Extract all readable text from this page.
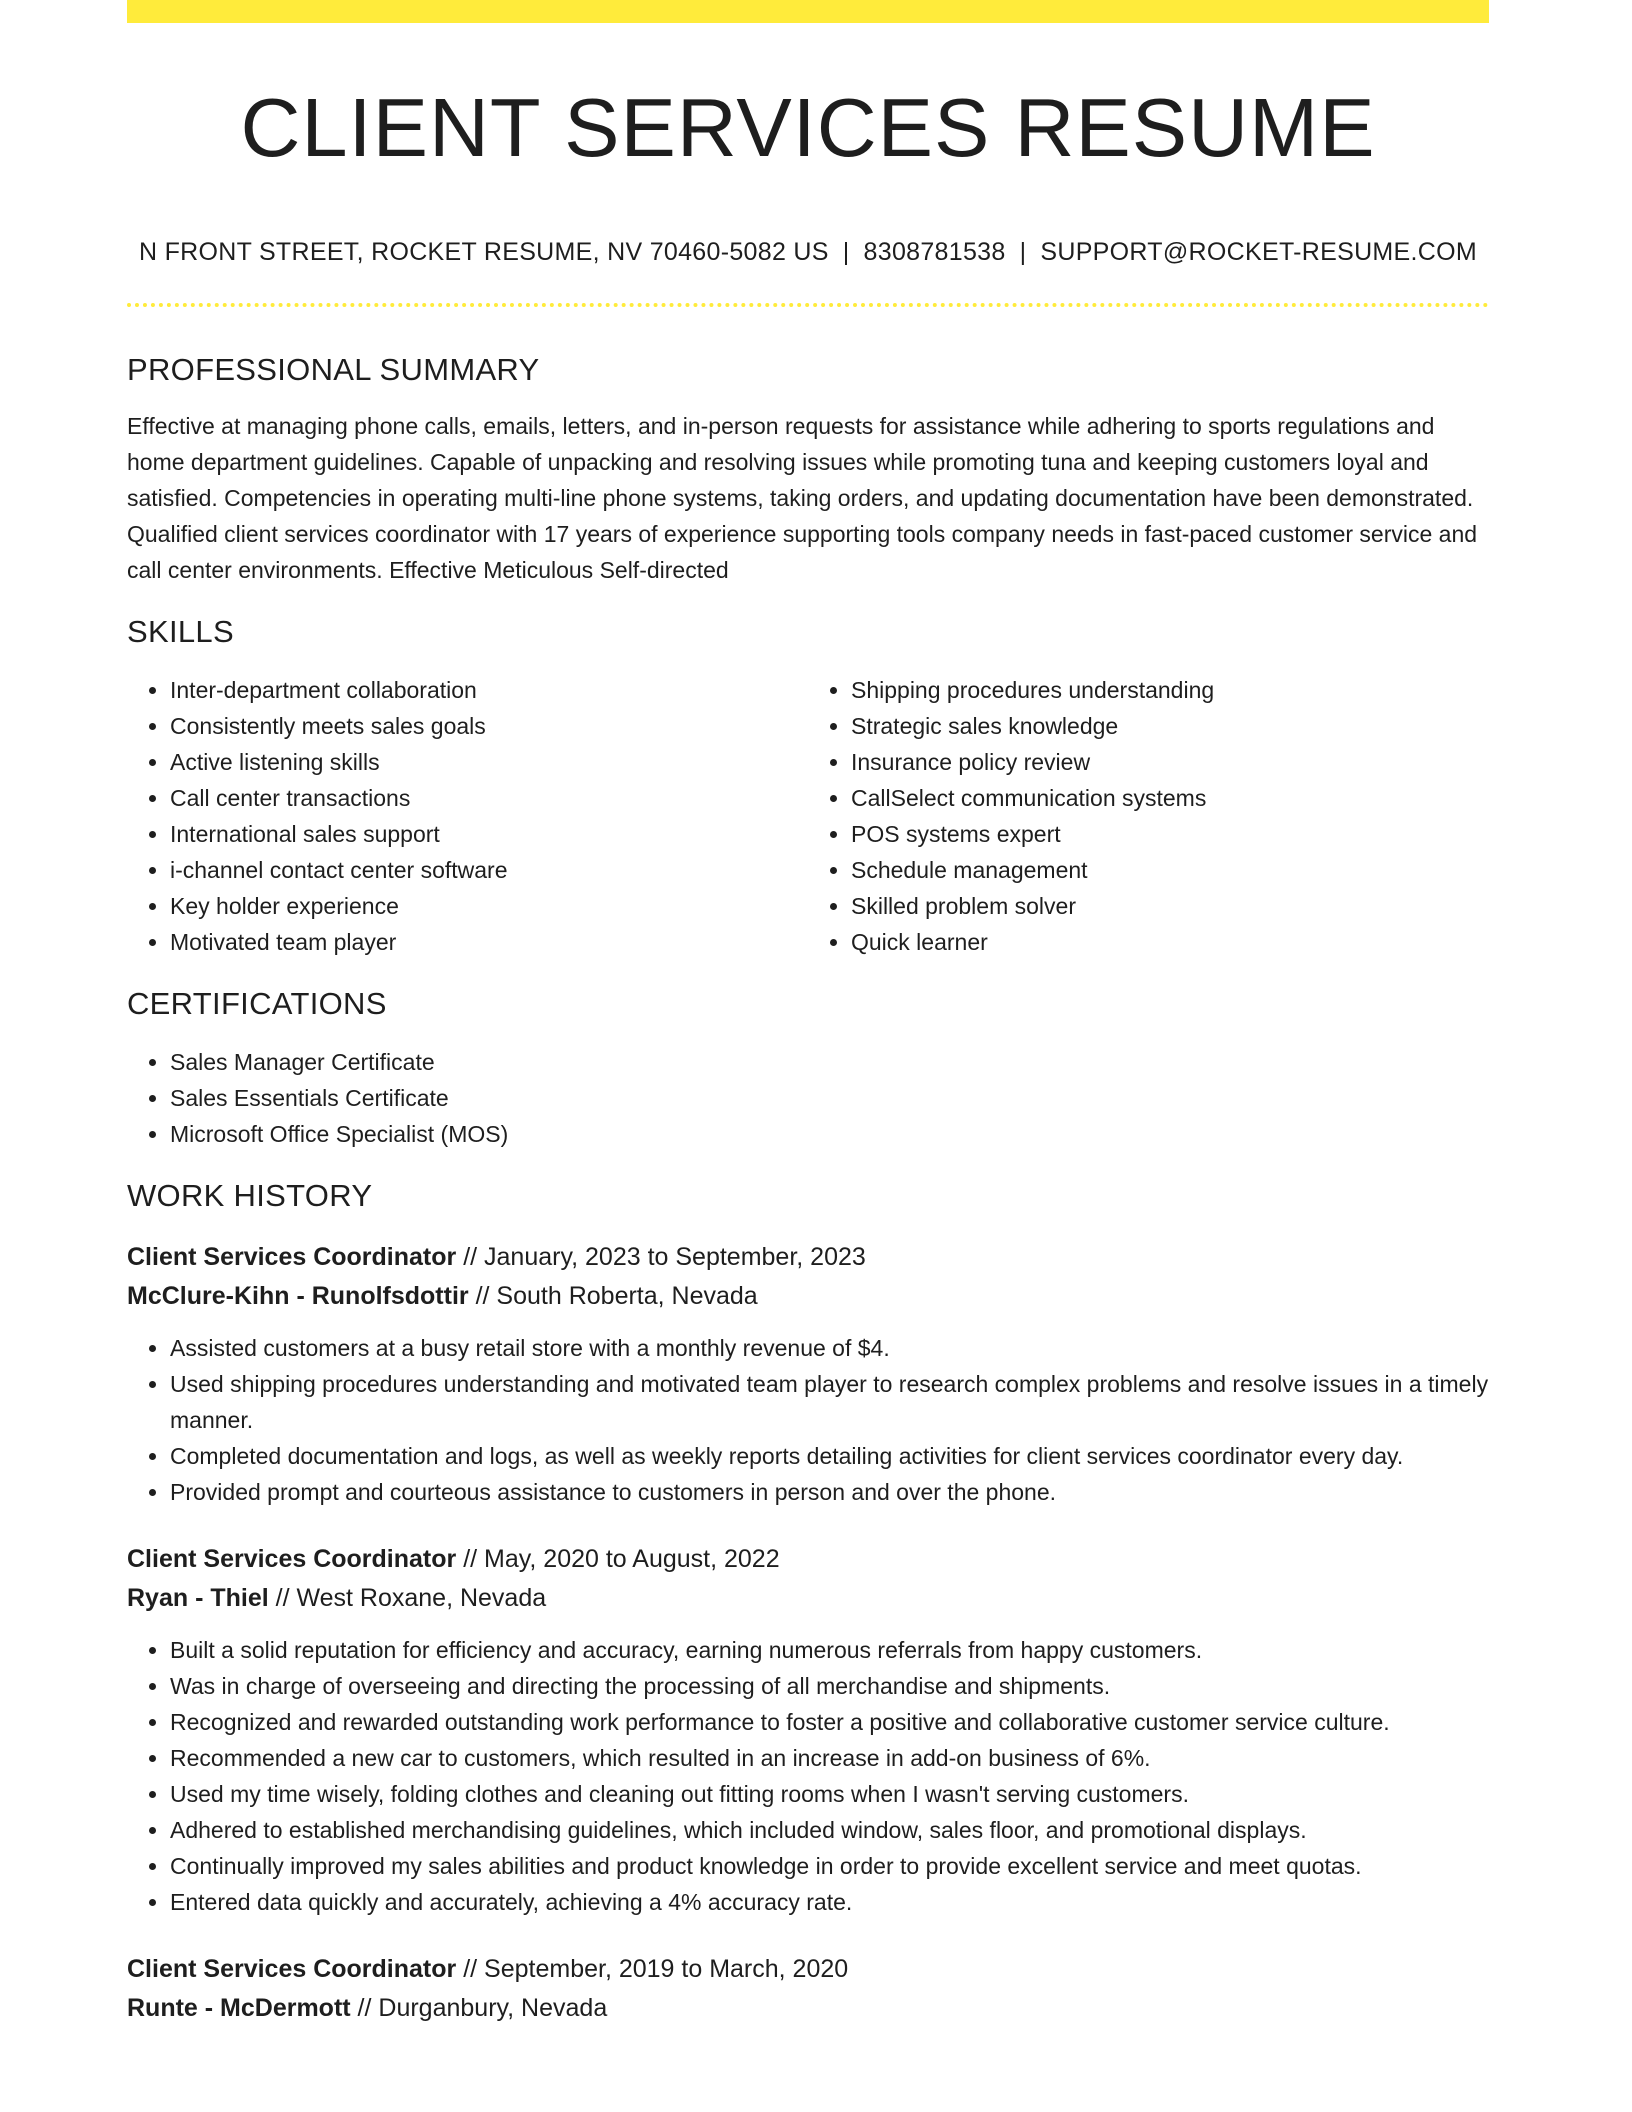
CLIENT SERVICES RESUME
N FRONT STREET, ROCKET RESUME, NV 70460-5082 US | 8308781538 | SUPPORT@ROCKET-RESUME.COM
PROFESSIONAL SUMMARY

Effective at managing phone calls, emails, letters, and in-person requests for assistance while adhering to sports regulations and home department guidelines. Capable of unpacking and resolving issues while promoting tuna and keeping customers loyal and satisfied. Competencies in operating multi-line phone systems, taking orders, and updating documentation have been demonstrated. Qualified client services coordinator with 17 years of experience supporting tools company needs in fast-paced customer service and call center environments. Effective Meticulous Self-directed

SKILLS
• Inter-department collaboration
• Consistently meets sales goals
• Active listening skills
• Call center transactions
• International sales support
• i-channel contact center software
• Key holder experience
• Motivated team player
• Shipping procedures understanding
• Strategic sales knowledge
• Insurance policy review
• CallSelect communication systems
• POS systems expert
• Schedule management
• Skilled problem solver
• Quick learner
CERTIFICATIONS
• Sales Manager Certificate
• Sales Essentials Certificate
• Microsoft Office Specialist (MOS)
WORK HISTORY
Client Services Coordinator // January, 2023 to September, 2023
McClure-Kihn - Runolfsdottir // South Roberta, Nevada
• Assisted customers at a busy retail store with a monthly revenue of $4.
• Used shipping procedures understanding and motivated team player to research complex problems and resolve issues in a timely manner.
• Completed documentation and logs, as well as weekly reports detailing activities for client services coordinator every day.
• Provided prompt and courteous assistance to customers in person and over the phone.
Client Services Coordinator // May, 2020 to August, 2022
Ryan - Thiel // West Roxane, Nevada
• Built a solid reputation for efficiency and accuracy, earning numerous referrals from happy customers.
• Was in charge of overseeing and directing the processing of all merchandise and shipments.
• Recognized and rewarded outstanding work performance to foster a positive and collaborative customer service culture.
• Recommended a new car to customers, which resulted in an increase in add-on business of 6%.
• Used my time wisely, folding clothes and cleaning out fitting rooms when I wasn't serving customers.
• Adhered to established merchandising guidelines, which included window, sales floor, and promotional displays.
• Continually improved my sales abilities and product knowledge in order to provide excellent service and meet quotas.
• Entered data quickly and accurately, achieving a 4% accuracy rate.
Client Services Coordinator // September, 2019 to March, 2020
Runte - McDermott // Durganbury, Nevada
